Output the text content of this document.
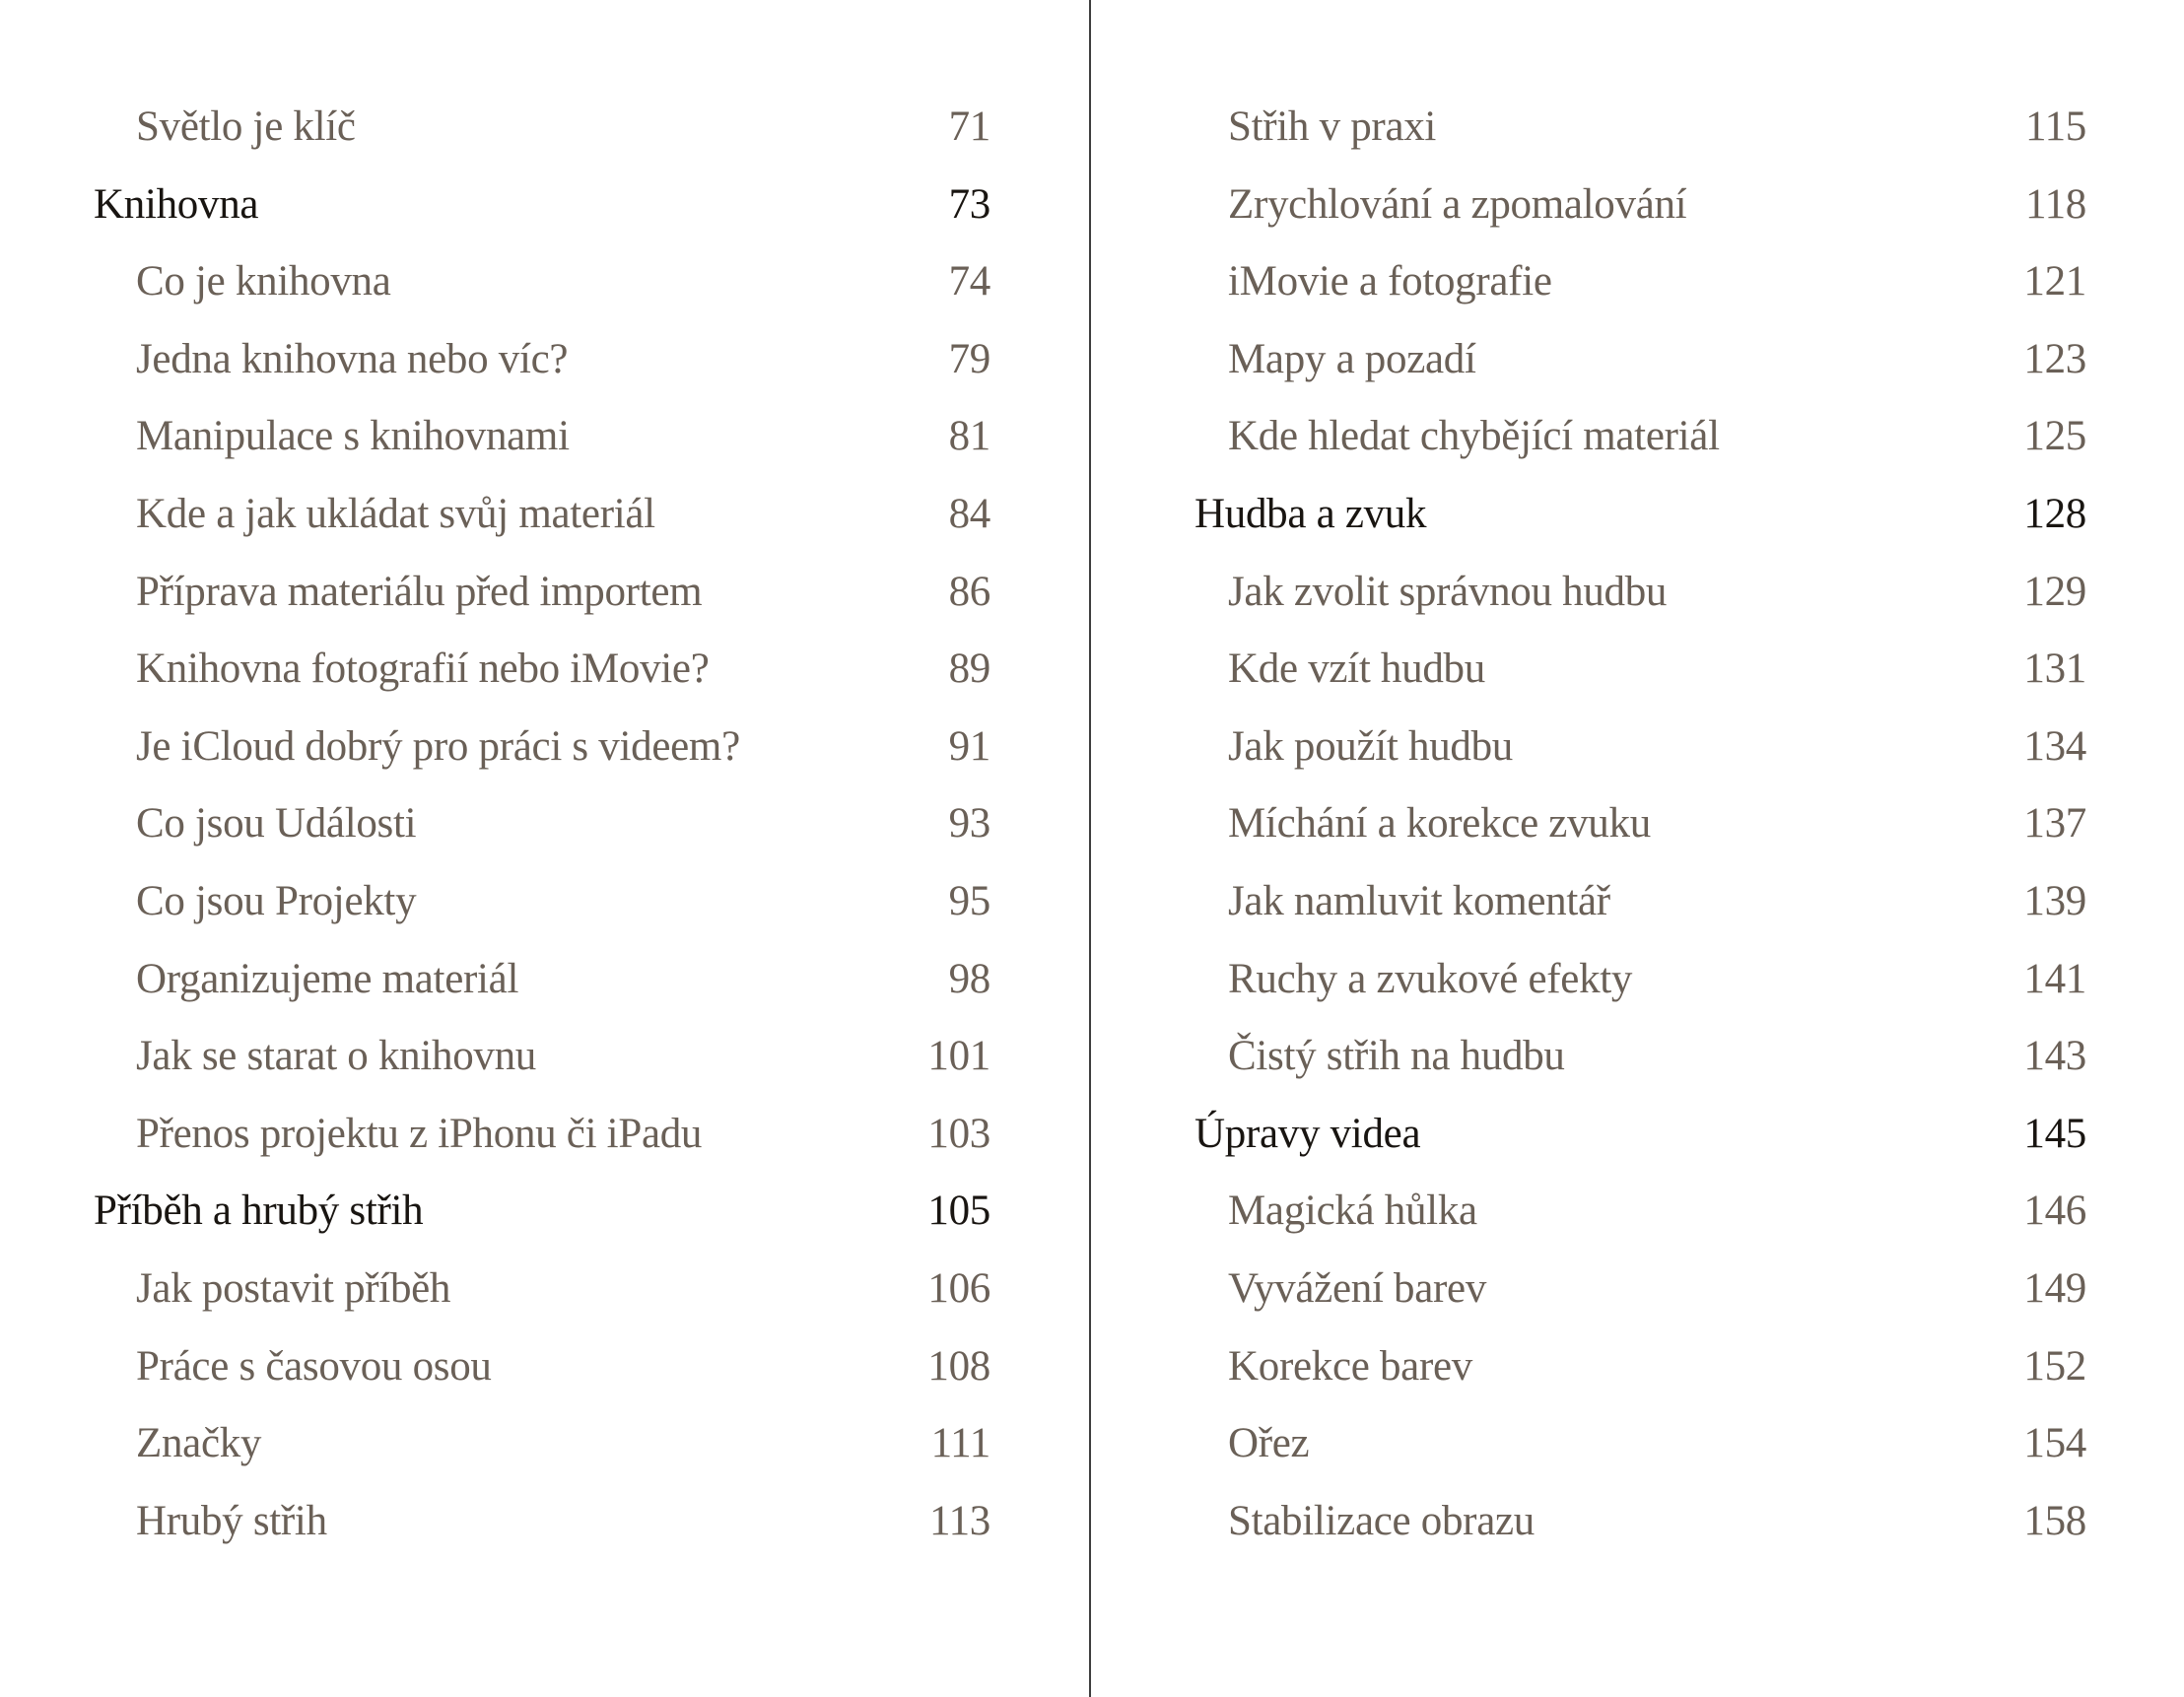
Světlo je klíč	71
Knihovna	73
Co je knihovna	74
Jedna knihovna nebo víc?	79
Manipulace s knihovnami	81
Kde a jak ukládat svůj materiál	84
Příprava materiálu před importem	86
Knihovna fotografií nebo iMovie?	89
Je iCloud dobrý pro práci s videem?	91
Co jsou Události	93
Co jsou Projekty	95
Organizujeme materiál	98
Jak se starat o knihovnu	101
Přenos projektu z iPhonu či iPadu	103
Příběh a hrubý střih	105
Jak postavit příběh	106
Práce s časovou osou	108
Značky	111
Hrubý střih	113
Střih v praxi	115
Zrychlování a zpomalování	118
iMovie a fotografie	121
Mapy a pozadí	123
Kde hledat chybějící materiál	125
Hudba a zvuk	128
Jak zvolit správnou hudbu	129
Kde vzít hudbu	131
Jak použít hudbu	134
Míchání a korekce zvuku	137
Jak namluvit komentář	139
Ruchy a zvukové efekty	141
Čistý střih na hudbu	143
Úpravy videa	145
Magická hůlka	146
Vyvážení barev	149
Korekce barev	152
Ořez	154
Stabilizace obrazu	158
